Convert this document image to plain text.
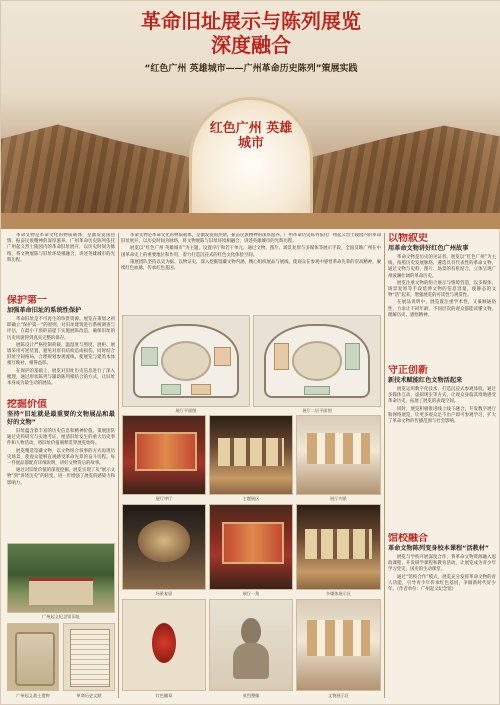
红色广州 英雄城市
革命旧址展示与陈列展览
深度融合
“红色广州 英雄城市——广州革命历史陈列”策展实践

革命文物是革命文化的物质载体，是激发爱国热情、振奋民族精神的深厚滋养。广州革命历史陈列依托广州起义烈士陵园内的革命旧址展开，以历史时间为脉络，将文物展陈与旧址环境相融合，讲述英雄城市的光辉历程。

展览以“红色广州 英雄城市”为主题，设置序厅和若干单元，通过文物、图片、场景复原与多媒体等展示手段，全面反映广州在中国革命史上的重要地位和作用，着力打造沉浸式的红色文化体验空间。

策展团队坚持以史为据、以物证史，深入挖掘馆藏文物内涵，精心组织展品与展线，使观众在参观中感悟革命先辈的崇高精神，赓续红色血脉，传承红色基因。

革命文物是革命文化的物质载体，是激发爱国热情、振奋民族精神的深厚滋养。广州革命历史陈列依托广州起义烈士陵园内的革命旧址展开，以历史时间为脉络，将文物展陈与旧址环境相融合，讲述英雄城市的光辉历程。

保护第一
加强革命旧址的系统性保护

革命旧址是不可再生的珍贵资源。展览在策划之初即确立“保护第一”的原则，对旧址建筑进行系统调查与评估，在最小干预的前提下实施展陈改造，确保旧址的历史风貌得到真实完整的保存。

展陈设计严格控制荷载、温湿度与照度，展柜、展墙采用可逆装置，避免对原有结构造成损伤。同时结合旧址空间格局，合理规划参观流线，使展览与建筑本体相互映衬、相得益彰。

在保护的基础上，展览对旧址历史信息进行了深入梳理，通过原状陈列与辅助陈列相结合的方式，让旧址本身成为最生动的展品。

挖掘价值
坚持“旧址就是最重要的文物展品和最好的文物”

旧址蕴含着丰富的历史信息和精神价值。策展团队通过史料研究与实地考证，厘清旧址发生的重大历史事件和人物活动，将旧址价值阐释贯穿展览始终。

展览精选馆藏文物，以文物组合叙事的方式再现历史场景，使观众能够直观感受革命先辈的奋斗历程。每一件展品都配有详细说明，讲好文物背后的故事。

通过对旧址价值的深度挖掘，展览实现了从“展示文物”到“讲述历史”的转变，进一步增强了展览的感染力和影响力。

广州起义纪念馆旧址
广州起义战士遗物	革命历史文献
展厅平面图	展厅二层平面图
展厅序厅	主题展区	展厅内景
场景复原	展厅一角	多媒体展示区
红色徽章	英烈塑像	文物展示区
以物叙史
用革命文物讲好红色广州故事

革命文物是历史的见证者。展览以“红色广州”为主线，按照历史发展脉络，遴选具有代表性的革命文物，通过文物与史料、图片、场景的有机结合，立体呈现广州波澜壮阔的革命历史。

展览注重文物的组合展示与情境营造，以多媒体、场景复原等手段延伸文物的信息容量，使静态的文物“活”起来，增强展览的可读性与观赏性。

在展品说明中，展览既注重学术性，又兼顾通俗性，力求让不同年龄、不同层次的观众都能读懂文物、理解历史、感悟精神。

守正创新
新技术赋能红色文物活起来

展览运用数字化技术，打造沉浸式参观体验。通过多媒体互动、虚拟现实等方式，让观众身临其境地感受革命历史，拓展了展览的表现空间。

同时，展览积极推进线上线下融合，开发数字展厅和网络展览，让更多观众足不出户即可参观学习，扩大了革命文物的传播范围与社会影响。

馆校融合
革命文物陈列变身校本课程“活教材”

展览与学校开展深度合作，将革命文物资源融入思政课程，开发研学课程和教育活动，让展览成为青少年学习党史、国史的生动课堂。

通过“馆校合作”模式，展览充分发挥革命文物的育人功能，引导青少年传承红色基因，争做新时代好少年。（作者单位：广州起义纪念馆）
